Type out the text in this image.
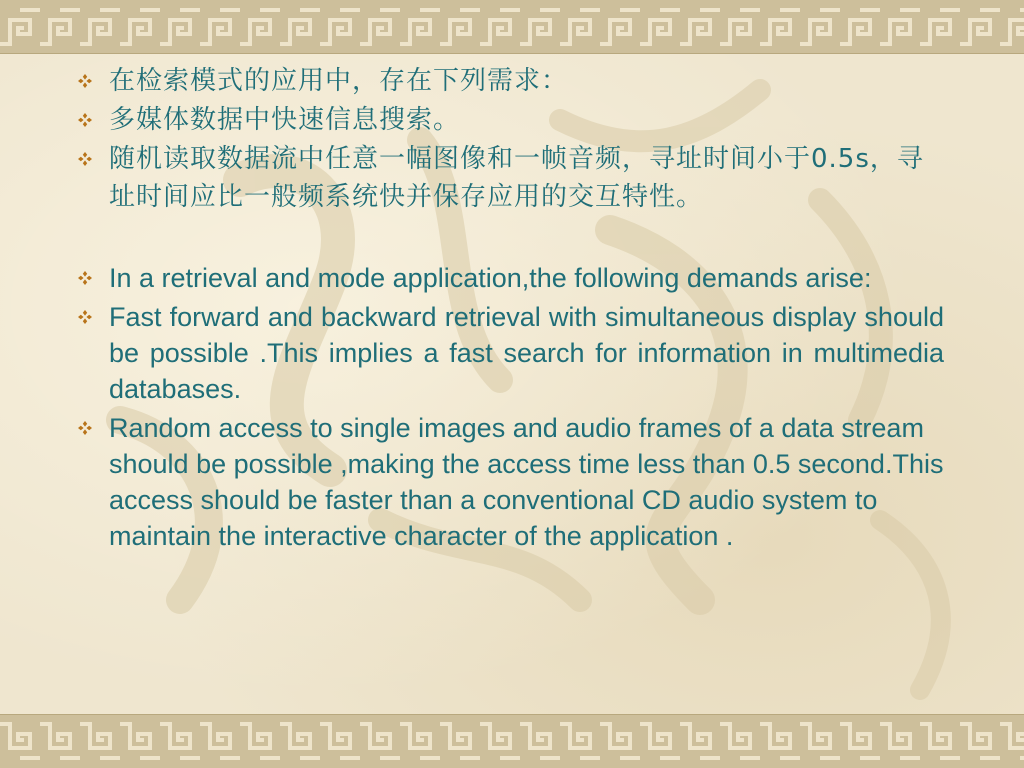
在检索模式的应用中，存在下列需求：
多媒体数据中快速信息搜索。
随机读取数据流中任意一幅图像和一帧音频，寻址时间小于0.5s，寻址时间应比一般频系统快并保存应用的交互特性。
In a retrieval and mode application,the following demands arise:
Fast forward and backward retrieval with simultaneous display should be possible .This implies a fast search for information in multimedia databases.
Random access to single images and audio frames of a data stream should be possible ,making the access time less than 0.5 second.This access should be faster than a conventional CD audio system to maintain the interactive character of the application .
